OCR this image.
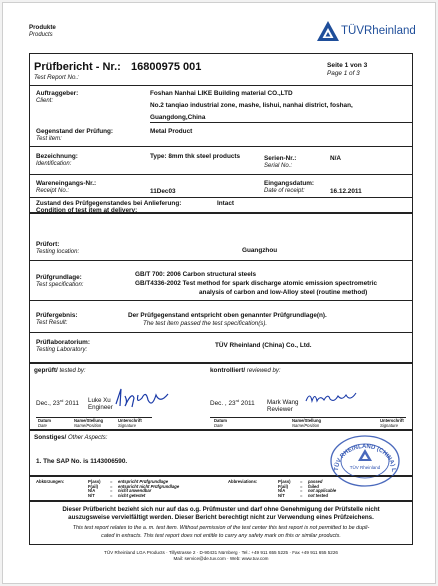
Produkte
Products	TÜVRheinland
Prüfbericht - Nr.: 16800975 001
Test Report No.:
Seite 1 von 3
Page 1 of 3
Auftraggeber:
Client:
Foshan Nanhai LIKE Building material CO.,LTD
No.2 tanqiao industrial zone, mashe, lishui, nanhai district, foshan,
Guangdong,China
Gegenstand der Prüfung:
Test item:
Metal Product
Bezeichnung:
Identification:
Type: 8mm thk steel products	Serien-Nr.:
Serial No.:
N/A
Wareneingangs-Nr.:
Receipt No.:	11Dec03
Eingangsdatum:
Date of receipt:	16.12.2011
Zustand des Prüfgegenstandes bei Anlieferung:	Intact
Condition of test item at delivery:
Prüfort:
Testing location:	Guangzhou
Prüfgrundlage:
Test specification:
GB/T 700: 2006 Carbon structural steels
GB/T4336-2002 Test method for spark discharge atomic emission spectrometric
analysis of carbon and low-Alloy steel (routine method)
Prüfergebnis:
Test Result:
Der Prüfgegenstand entspricht oben genannter Prüfgrundlage(n).
The test item passed the test specification(s).
Prüflaboratorium:
Testing Laboratory:
TÜV Rheinland (China) Co., Ltd.
geprüft/ tested by:	kontrolliert/ reviewed by:
Dec., 23rd 2011 Luke Xu
Engineer
Dec. , 23rd 2011 Mark Wang
Reviewer
Datum
Date
Name/Stellung
Name/Position
Unterschrift
Signature
Datum
Date
Name/Stellung
Name/Position
Unterschrift
Signature
Sonstiges/ Other Aspects:
1. The SAP No. is 1143006590.
TÜV RHEINLAND (CHINA) L
TÜV Rheinland
Abkürzungen:	P(ass) = entspricht Prüfgrundlage
F(ail)	= entspricht nicht Prüfgrundlage
N/A	= nicht anwendbar
N/T	= nicht getestet
Abbreviations:	P(ass) = passed
F(ail)	= failed
N/A	= not applicable
N/T	= not tested
Dieser Prüfbericht bezieht sich nur auf das o.g. Prüfmuster und darf ohne Genehmigung der Prüfstelle nicht
auszugsweise vervielfältigt werden. Dieser Bericht berechtigt nicht zur Verwendung eines Prüfzeichens.
This test report relates to the a. m. test item. Without permission of the test center this test report is not permitted to be dupli-
cated in extracts. This test report does not entitle to carry any safety mark on this or similar products.
TÜV Rheinland LGA Products · Tillystrasse 2 · D-90431 Nürnberg · Tel.: +49 911 655 5225 · Fax +49 911 655 5226
Mail: service@de.tuv.com · Web: www.tuv.com
